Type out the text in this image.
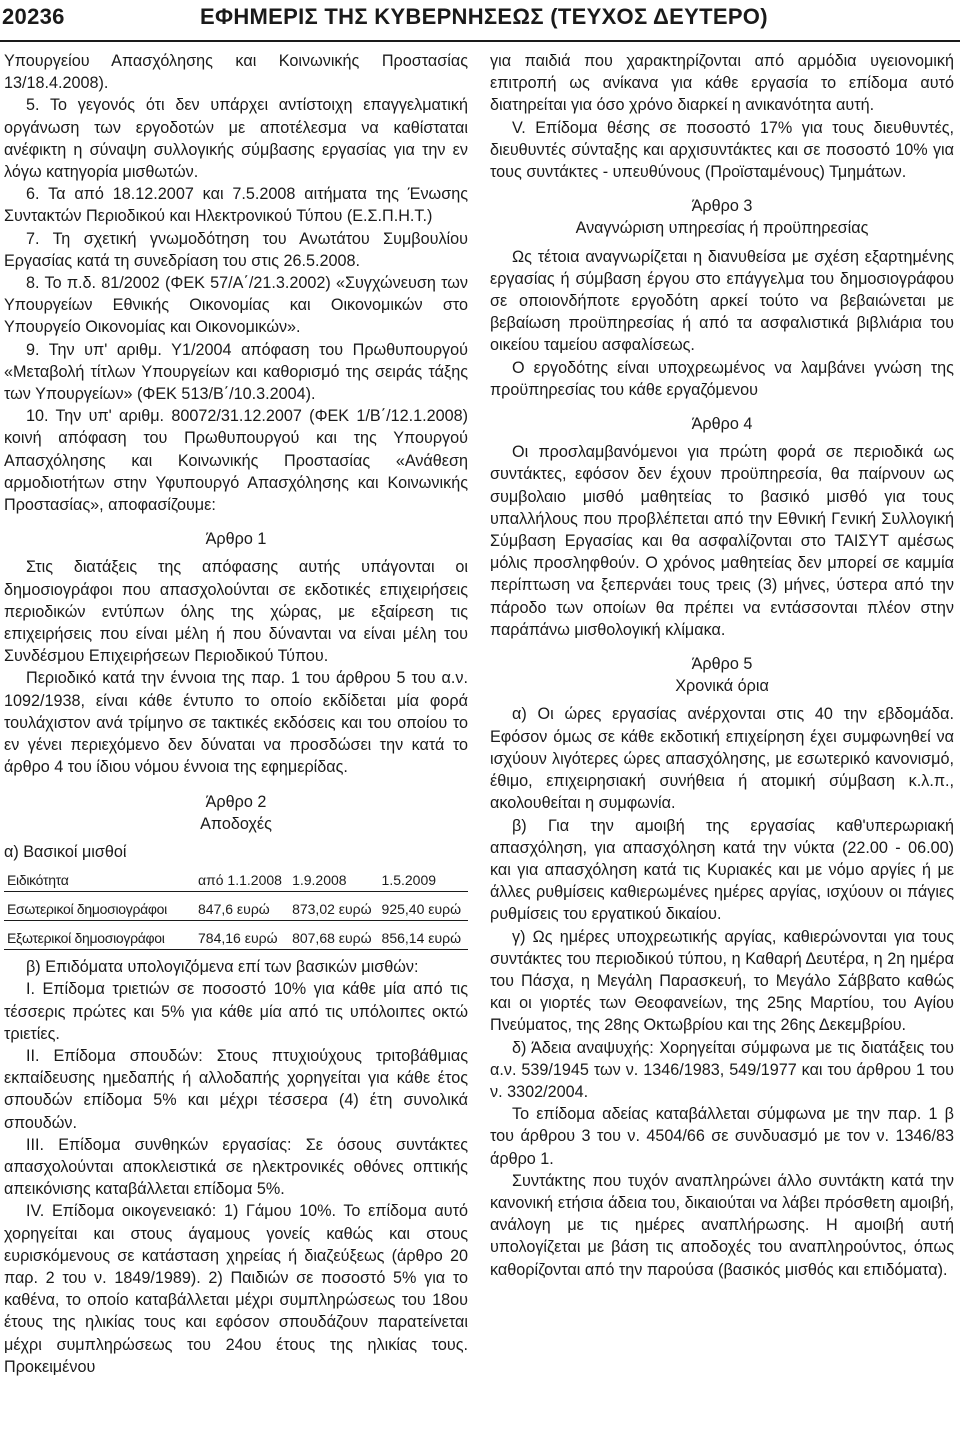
20236	ΕΦΗΜΕΡΙΣ ΤΗΣ ΚΥΒΕΡΝΗΣΕΩΣ (ΤΕΥΧΟΣ ΔΕΥΤΕΡΟ)

Υπουργείου Απασχόλησης και Κοινωνικής Προστασίας 13/18.4.2008).

5. Το γεγονός ότι δεν υπάρχει αντίστοιχη επαγγελματική οργάνωση των εργοδοτών με αποτέλεσμα να καθίσταται ανέφικτη η σύναψη συλλογικής σύμβασης εργασίας για την εν λόγω κατηγορία μισθωτών.

6. Τα από 18.12.2007 και 7.5.2008 αιτήματα της Ένωσης Συντακτών Περιοδικού και Ηλεκτρονικού Τύπου (Ε.Σ.Π.Η.Τ.)

7. Τη σχετική γνωμοδότηση του Ανωτάτου Συμβουλίου Εργασίας κατά τη συνεδρίαση του στις 26.5.2008.

8. Το π.δ. 81/2002 (ΦΕΚ 57/Α΄/21.3.2002) «Συγχώνευση των Υπουργείων Εθνικής Οικονομίας και Οικονομικών στο Υπουργείο Οικονομίας και Οικονομικών».

9. Την υπ' αριθμ. Υ1/2004 απόφαση του Πρωθυπουργού «Μεταβολή τίτλων Υπουργείων και καθορισμό της σειράς τάξης των Υπουργείων» (ΦΕΚ 513/Β΄/10.3.2004).

10. Την υπ' αριθμ. 80072/31.12.2007 (ΦΕΚ 1/Β΄/12.1.2008) κοινή απόφαση του Πρωθυπουργού και της Υπουργού Απασχόλησης και Κοινωνικής Προστασίας «Ανάθεση αρμοδιοτήτων στην Υφυπουργό Απασχόλησης και Κοινωνικής Προστασίας», αποφασίζουμε:

Άρθρο 1

Στις διατάξεις της απόφασης αυτής υπάγονται οι δημοσιογράφοι που απασχολούνται σε εκδοτικές επιχειρήσεις περιοδικών εντύπων όλης της χώρας, με εξαίρεση τις επιχειρήσεις που είναι μέλη ή που δύνανται να είναι μέλη του Συνδέσμου Επιχειρήσεων Περιοδικού Τύπου.

Περιοδικό κατά την έννοια της παρ. 1 του άρθρου 5 του α.ν. 1092/1938, είναι κάθε έντυπο το οποίο εκδίδεται μία φορά τουλάχιστον ανά τρίμηνο σε τακτικές εκδόσεις και του οποίου το εν γένει περιεχόμενο δεν δύναται να προσδώσει την κατά το άρθρο 4 του ίδιου νόμου έννοια της εφημερίδας.

Άρθρο 2

Αποδοχές

α) Βασικοί μισθοί

Ειδικότητα	από 1.1.2008	1.9.2008	1.5.2009

Εσωτερικοί δημοσιογράφοι	847,6 ευρώ	873,02 ευρώ	925,40 ευρώ

Εξωτερικοί δημοσιογράφοι	784,16 ευρώ	807,68 ευρώ	856,14 ευρώ

β) Επιδόματα υπολογιζόμενα επί των βασικών μισθών:

Ι. Επίδομα τριετιών σε ποσοστό 10% για κάθε μία από τις τέσσερις πρώτες και 5% για κάθε μία από τις υπόλοιπες οκτώ τριετίες.

ΙΙ. Επίδομα σπουδών: Στους πτυχιούχους τριτοβάθμιας εκπαίδευσης ημεδαπής ή αλλοδαπής χορηγείται για κάθε έτος σπουδών επίδομα 5% και μέχρι τέσσερα (4) έτη συνολικά σπουδών.

ΙΙΙ. Επίδομα συνθηκών εργασίας: Σε όσους συντάκτες απασχολούνται αποκλειστικά σε ηλεκτρονικές οθόνες οπτικής απεικόνισης καταβάλλεται επίδομα 5%.

ΙV. Επίδομα οικογενειακό: 1) Γάμου 10%. Το επίδομα αυτό χορηγείται και στους άγαμους γονείς καθώς και στους ευρισκόμενους σε κατάσταση χηρείας ή διαζεύξεως (άρθρο 20 παρ. 2 του ν. 1849/1989). 2) Παιδιών σε ποσοστό 5% για το καθένα, το οποίο καταβάλλεται μέχρι συμπληρώσεως του 18ου έτους της ηλικίας τους και εφόσον σπουδάζουν παρατείνεται μέχρι συμπληρώσεως του 24ου έτους της ηλικίας τους. Προκειμένου

για παιδιά που χαρακτηρίζονται από αρμόδια υγειονομική επιτροπή ως ανίκανα για κάθε εργασία το επίδομα αυτό διατηρείται για όσο χρόνο διαρκεί η ανικανότητα αυτή.

V. Επίδομα θέσης σε ποσοστό 17% για τους διευθυντές, διευθυντές σύνταξης και αρχισυντάκτες και σε ποσοστό 10% για τους συντάκτες - υπευθύνους (Προϊσταμένους) Τμημάτων.

Άρθρο 3

Αναγνώριση υπηρεσίας ή προϋπηρεσίας

Ως τέτοια αναγνωρίζεται η διανυθείσα με σχέση εξαρτημένης εργασίας ή σύμβαση έργου στο επάγγελμα του δημοσιογράφου σε οποιονδήποτε εργοδότη αρκεί τούτο να βεβαιώνεται με βεβαίωση προϋπηρεσίας ή από τα ασφαλιστικά βιβλιάρια του οικείου ταμείου ασφαλίσεως.

Ο εργοδότης είναι υποχρεωμένος να λαμβάνει γνώση της προϋπηρεσίας του κάθε εργαζόμενου

Άρθρο 4

Οι προσλαμβανόμενοι για πρώτη φορά σε περιοδικά ως συντάκτες, εφόσον δεν έχουν προϋπηρεσία, θα παίρνουν ως συμβολαιο μισθό μαθητείας το βασικό μισθό για τους υπαλλήλους που προβλέπεται από την Εθνική Γενική Συλλογική Σύμβαση Εργασίας και θα ασφαλίζονται στο ΤΑΙΣΥΤ αμέσως μόλις προσληφθούν. Ο χρόνος μαθητείας δεν μπορεί σε καμμία περίπτωση να ξεπερνάει τους τρεις (3) μήνες, ύστερα από την πάροδο των οποίων θα πρέπει να εντάσσονται πλέον στην παράπάνω μισθολογική κλίμακα.

Άρθρο 5

Χρονικά όρια

α) Οι ώρες εργασίας ανέρχονται στις 40 την εβδομάδα. Εφόσον όμως σε κάθε εκδοτική επιχείρηση έχει συμφωνηθεί να ισχύουν λιγότερες ώρες απασχόλησης, με εσωτερικό κανονισμό, έθιμο, επιχειρησιακή συνήθεια ή ατομική σύμβαση κ.λ.π., ακολουθείται η συμφωνία.

β) Για την αμοιβή της εργασίας καθ'υπερωριακή απασχόληση, για απασχόληση κατά την νύκτα (22.00 - 06.00) και για απασχόληση κατά τις Κυριακές και με νόμο αργίες ή με άλλες ρυθμίσεις καθιερωμένες ημέρες αργίας, ισχύουν οι πάγιες ρυθμίσεις του εργατικού δικαίου.

γ) Ως ημέρες υποχρεωτικής αργίας, καθιερώνονται για τους συντάκτες του περιοδικού τύπου, η Καθαρή Δευτέρα, η 2η ημέρα του Πάσχα, η Μεγάλη Παρασκευή, το Μεγάλο Σάββατο καθώς και οι γιορτές των Θεοφανείων, της 25ης Μαρτίου, του Αγίου Πνεύματος, της 28ης Οκτωβρίου και της 26ης Δεκεμβρίου.

δ) Άδεια αναψυχής: Χορηγείται σύμφωνα με τις διατάξεις του α.ν. 539/1945 των ν. 1346/1983, 549/1977 και του άρθρου 1 του ν. 3302/2004.

Το επίδομα αδείας καταβάλλεται σύμφωνα με την παρ. 1 β του άρθρου 3 του ν. 4504/66 σε συνδυασμό με τον ν. 1346/83 άρθρο 1.

Συντάκτης που τυχόν αναπληρώνει άλλο συντάκτη κατά την κανονική ετήσια άδεια του, δικαιούται να λάβει πρόσθετη αμοιβή, ανάλογη με τις ημέρες αναπλήρωσης. Η αμοιβή αυτή υπολογίζεται με βάση τις αποδοχές του αναπληρούντος, όπως καθορίζονται από την παρούσα (βασικός μισθός και επιδόματα).
